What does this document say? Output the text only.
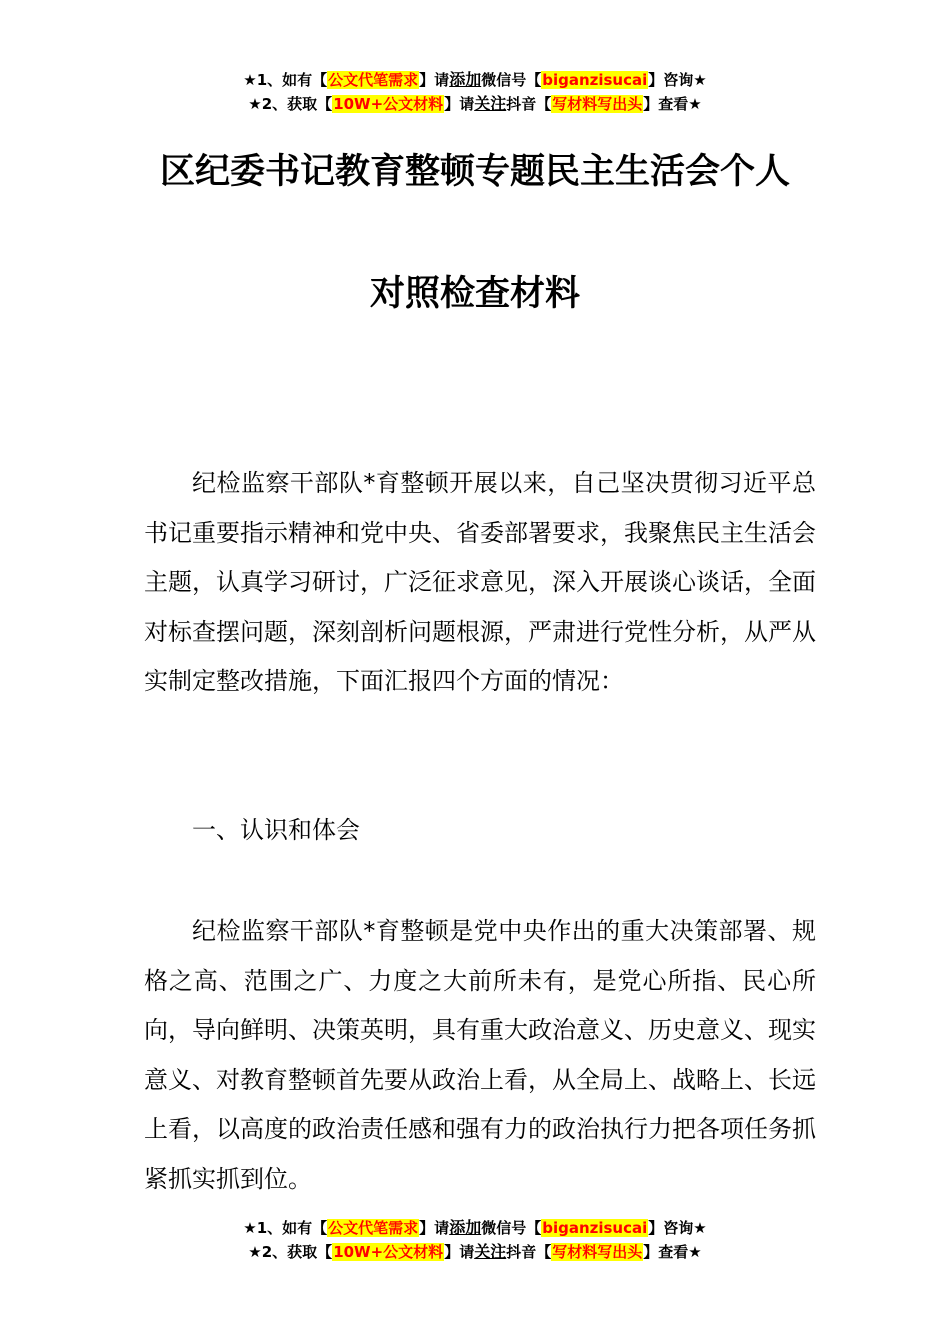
★1、如有【公文代笔需求】请添加微信号【biganzisucai】咨询★
★2、获取【10W+公文材料】请关注抖音【写材料写出头】查看★
区纪委书记教育整顿专题民主生活会个人
对照检查材料

纪检监察干部队*育整顿开展以来，自己坚决贯彻习近平总书记重要指示精神和党中央、省委部署要求，我聚焦民主生活会主题，认真学习研讨，广泛征求意见，深入开展谈心谈话，全面对标查摆问题，深刻剖析问题根源，严肃进行党性分析，从严从实制定整改措施，下面汇报四个方面的情况：

一、认识和体会

纪检监察干部队*育整顿是党中央作出的重大决策部署、规格之高、范围之广、力度之大前所未有，是党心所指、民心所向，导向鲜明、决策英明，具有重大政治意义、历史意义、现实意义、对教育整顿首先要从政治上看，从全局上、战略上、长远上看，以高度的政治责任感和强有力的政治执行力把各项任务抓紧抓实抓到位。

★1、如有【公文代笔需求】请添加微信号【biganzisucai】咨询★
★2、获取【10W+公文材料】请关注抖音【写材料写出头】查看★
